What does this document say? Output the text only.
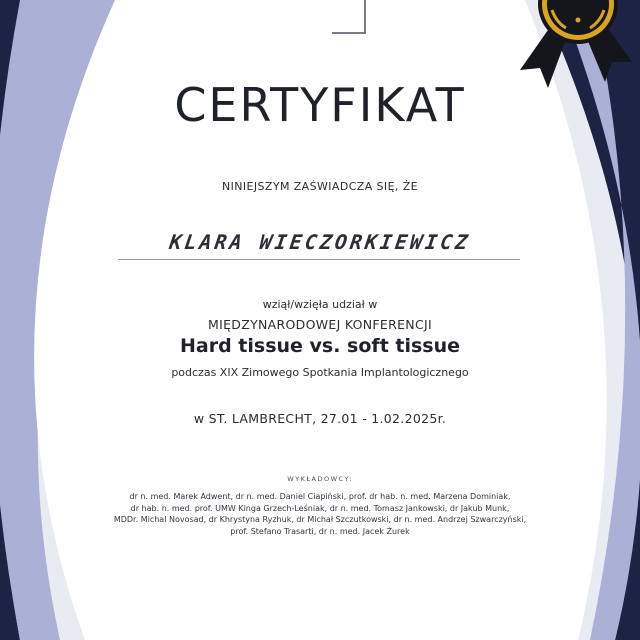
CERTYFIKAT

NINIEJSZYM ZAŚWIADCZA SIĘ, ŻE

KLARA WIECZORKIEWICZ

wziął/wzięła udział w

MIĘDZYNARODOWEJ KONFERENCJI

Hard tissue vs. soft tissue

podczas XIX Zimowego Spotkania Implantologicznego

w ST. LAMBRECHT, 27.01 - 1.02.2025r.

WYKŁADOWCY:

dr n. med. Marek Adwent, dr n. med. Daniel Ciapiński, prof. dr hab. n. med. Marzena Dominiak,
dr hab. n. med. prof. UMW Kinga Grzech-Leśniak, dr n. med. Tomasz Jankowski, dr Jakub Munk,
MDDr. Michal Novosad, dr Khrystyna Ryzhuk, dr Michał Szczutkowski, dr n. med. Andrzej Szwarczyński,
prof. Stefano Trasarti, dr n. med. Jacek Żurek
